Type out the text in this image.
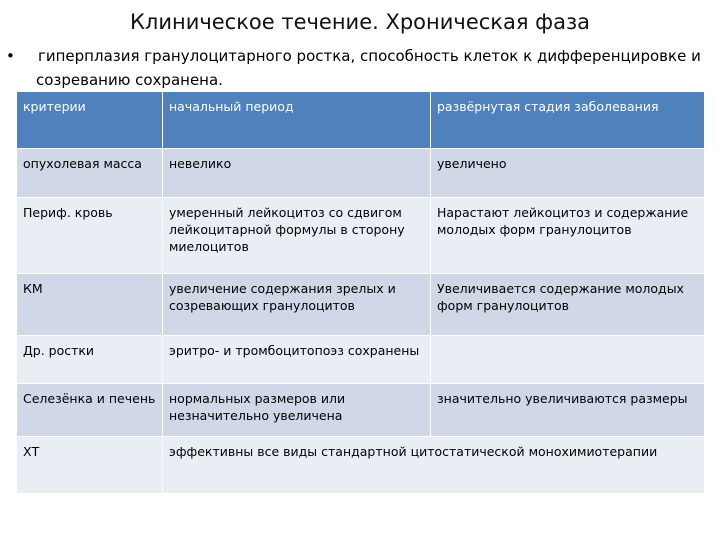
Клиническое течение. Хроническая фаза
•	гиперплазия гранулоцитарного ростка, способность клеток к дифференцировке и созреванию сохранена.
критерии	начальный период	развёрнутая стадия заболевания
опухолевая масса	невелико	увеличено
Периф. кровь	умеренный лейкоцитоз со сдвигом лейкоцитарной формулы в сторону миелоцитов	Нарастают лейкоцитоз и содержание молодых форм гранулоцитов
КМ	увеличение содержания зрелых и созревающих гранулоцитов	Увеличивается содержание молодых форм гранулоцитов
Др. ростки	эритро- и тромбоцитопоэз сохранены	
Селезёнка и печень	нормальных размеров или незначительно увеличена	значительно увеличиваются размеры
ХТ	эффективны все виды стандартной цитостатической монохимиотерапии	
